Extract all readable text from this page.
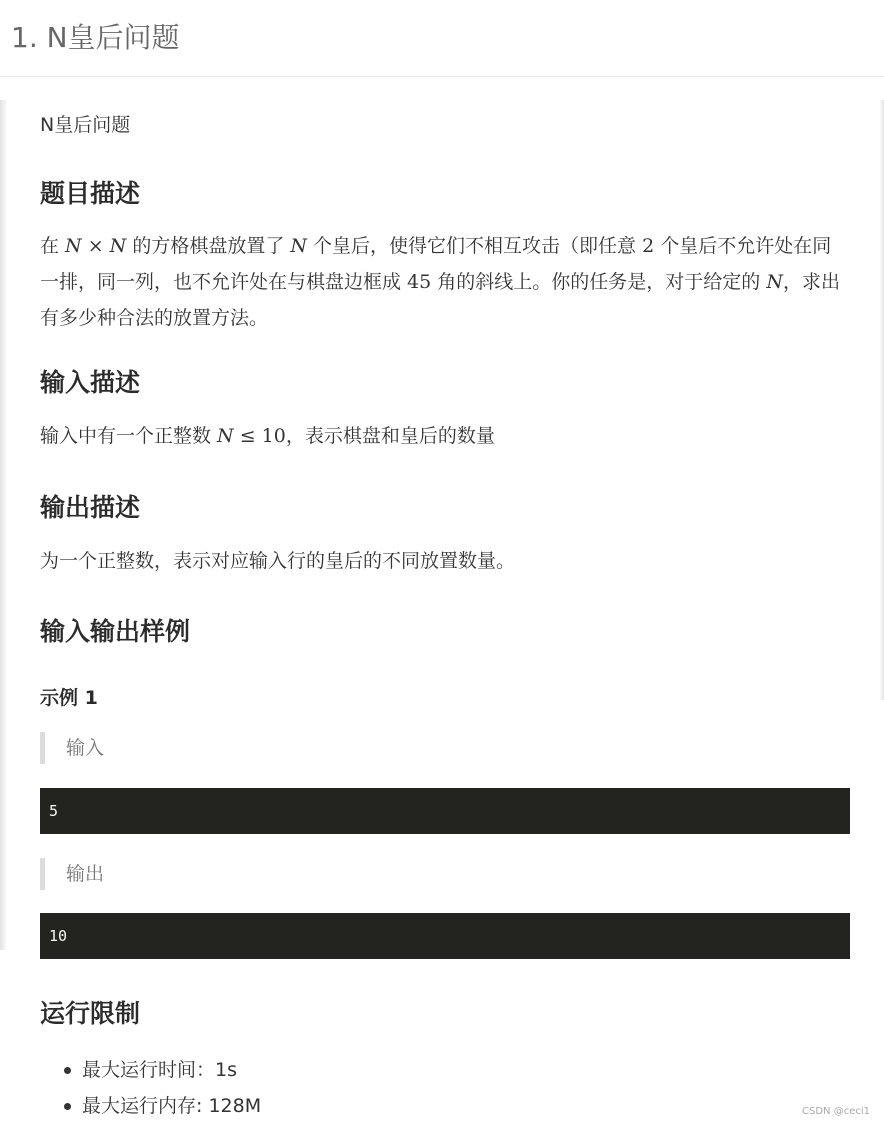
1. N皇后问题
N皇后问题
题目描述
在 N × N 的方格棋盘放置了 N 个皇后，使得它们不相互攻击（即任意 2 个皇后不允许处在同一排，同一列，也不允许处在与棋盘边框成 45 角的斜线上。你的任务是，对于给定的 N，求出有多少种合法的放置方法。
输入描述
输入中有一个正整数 N ≤ 10，表示棋盘和皇后的数量
输出描述
为一个正整数，表示对应输入行的皇后的不同放置数量。
输入输出样例
示例 1
输入
5
输出
10
运行限制
最大运行时间：1s
最大运行内存: 128M	CSDN @ceci1
